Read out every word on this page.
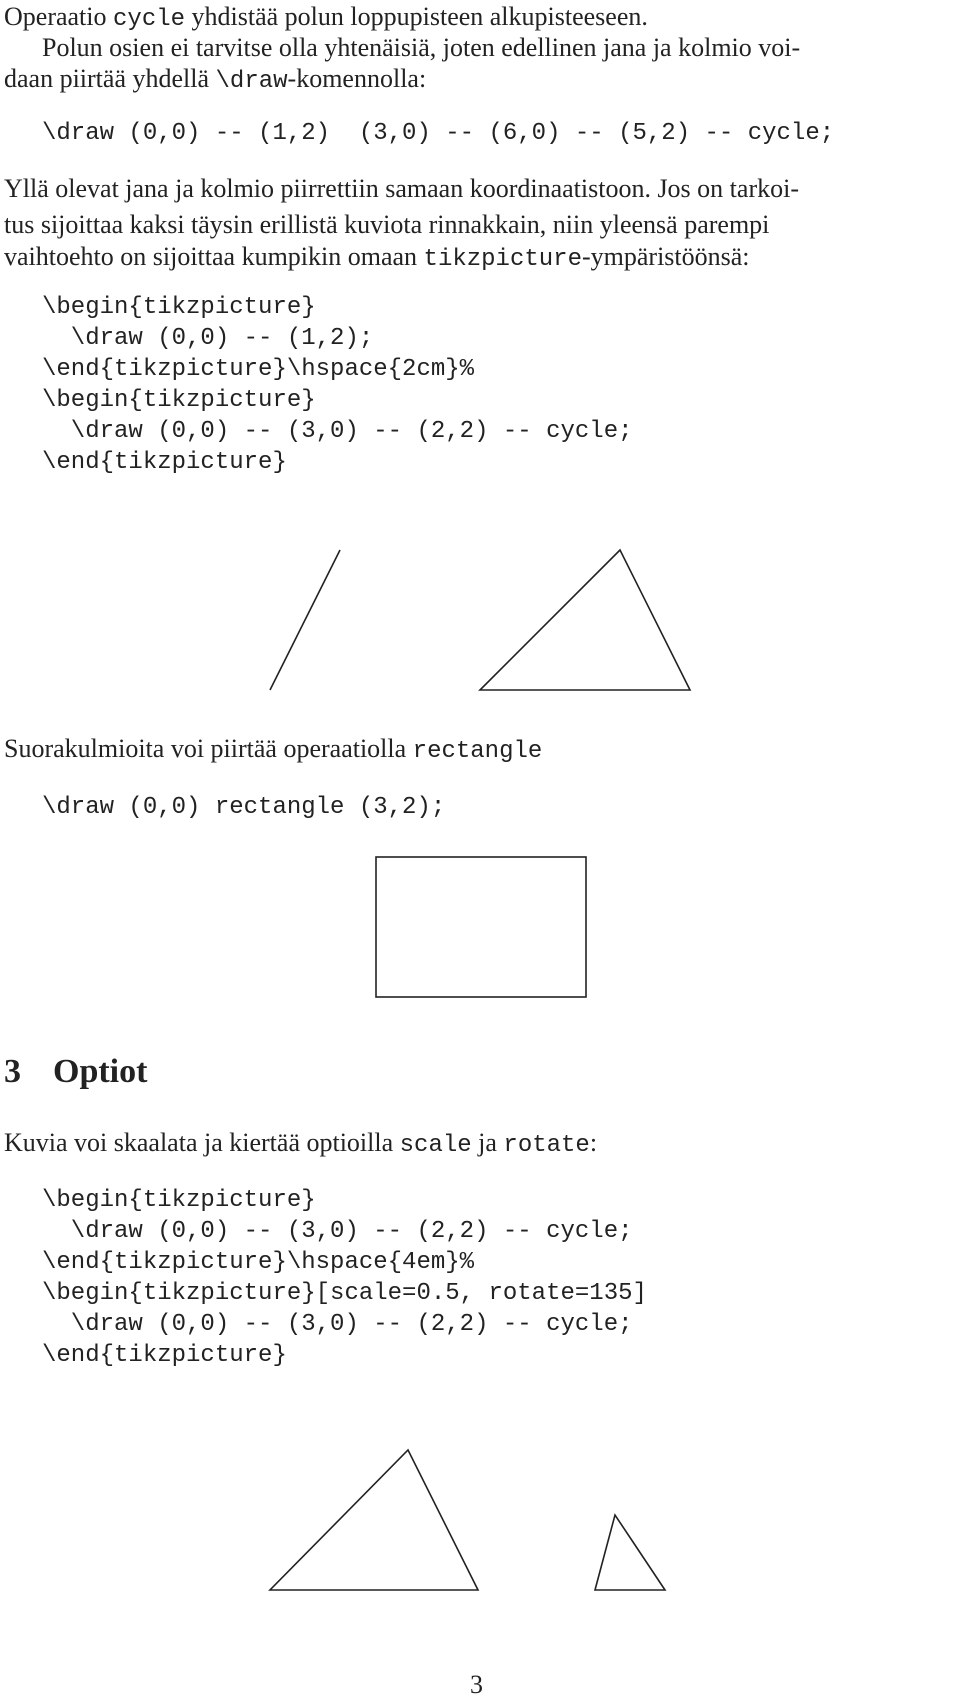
Operaatio cycle yhdistää polun loppupisteen alkupisteeseen.
Polun osien ei tarvitse olla yhtenäisiä, joten edellinen jana ja kolmio voi-
daan piirtää yhdellä \draw-komennolla:
\draw (0,0) -- (1,2)  (3,0) -- (6,0) -- (5,2) -- cycle;
Yllä olevat jana ja kolmio piirrettiin samaan koordinaatistoon. Jos on tarkoi-
tus sijoittaa kaksi täysin erillistä kuviota rinnakkain, niin yleensä parempi
vaihtoehto on sijoittaa kumpikin omaan tikzpicture-ympäristöönsä:
\begin{tikzpicture}
\draw (0,0) -- (1,2);
\end{tikzpicture}\hspace{2cm}%
\begin{tikzpicture}
\draw (0,0) -- (3,0) -- (2,2) -- cycle;
\end{tikzpicture}
Suorakulmioita voi piirtää operaatiolla rectangle
\draw (0,0) rectangle (3,2);
3 Optiot
Kuvia voi skaalata ja kiertää optioilla scale ja rotate:
\begin{tikzpicture}
\draw (0,0) -- (3,0) -- (2,2) -- cycle;
\end{tikzpicture}\hspace{4em}%
\begin{tikzpicture}[scale=0.5, rotate=135]
\draw (0,0) -- (3,0) -- (2,2) -- cycle;
\end{tikzpicture}
3
